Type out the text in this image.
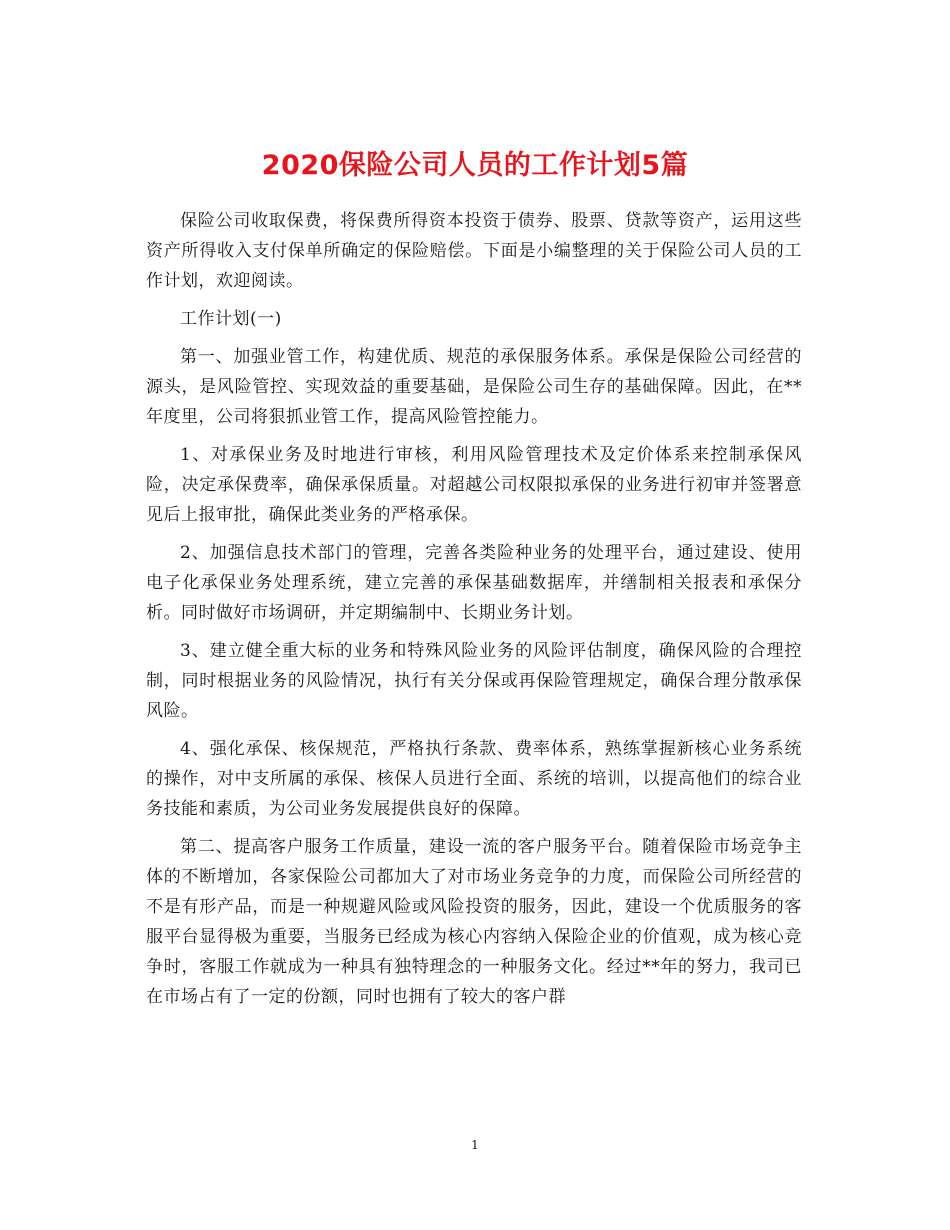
2020保险公司人员的工作计划5篇

保险公司收取保费，将保费所得资本投资于债券、股票、贷款等资产，运用这些资产所得收入支付保单所确定的保险赔偿。下面是小编整理的关于保险公司人员的工作计划，欢迎阅读。

工作计划(一)

第一、加强业管工作，构建优质、规范的承保服务体系。承保是保险公司经营的源头，是风险管控、实现效益的重要基础，是保险公司生存的基础保障。因此，在**年度里，公司将狠抓业管工作，提高风险管控能力。

1、对承保业务及时地进行审核，利用风险管理技术及定价体系来控制承保风险，决定承保费率，确保承保质量。对超越公司权限拟承保的业务进行初审并签署意见后上报审批，确保此类业务的严格承保。

2、加强信息技术部门的管理，完善各类险种业务的处理平台，通过建设、使用电子化承保业务处理系统，建立完善的承保基础数据库，并缮制相关报表和承保分析。同时做好市场调研，并定期编制中、长期业务计划。

3、建立健全重大标的业务和特殊风险业务的风险评估制度，确保风险的合理控制，同时根据业务的风险情况，执行有关分保或再保险管理规定，确保合理分散承保风险。

4、强化承保、核保规范，严格执行条款、费率体系，熟练掌握新核心业务系统的操作，对中支所属的承保、核保人员进行全面、系统的培训，以提高他们的综合业务技能和素质，为公司业务发展提供良好的保障。

第二、提高客户服务工作质量，建设一流的客户服务平台。随着保险市场竞争主体的不断增加，各家保险公司都加大了对市场业务竞争的力度，而保险公司所经营的不是有形产品，而是一种规避风险或风险投资的服务，因此，建设一个优质服务的客服平台显得极为重要，当服务已经成为核心内容纳入保险企业的价值观，成为核心竞争时，客服工作就成为一种具有独特理念的一种服务文化。经过**年的努力，我司已在市场占有了一定的份额，同时也拥有了较大的客户群

1
